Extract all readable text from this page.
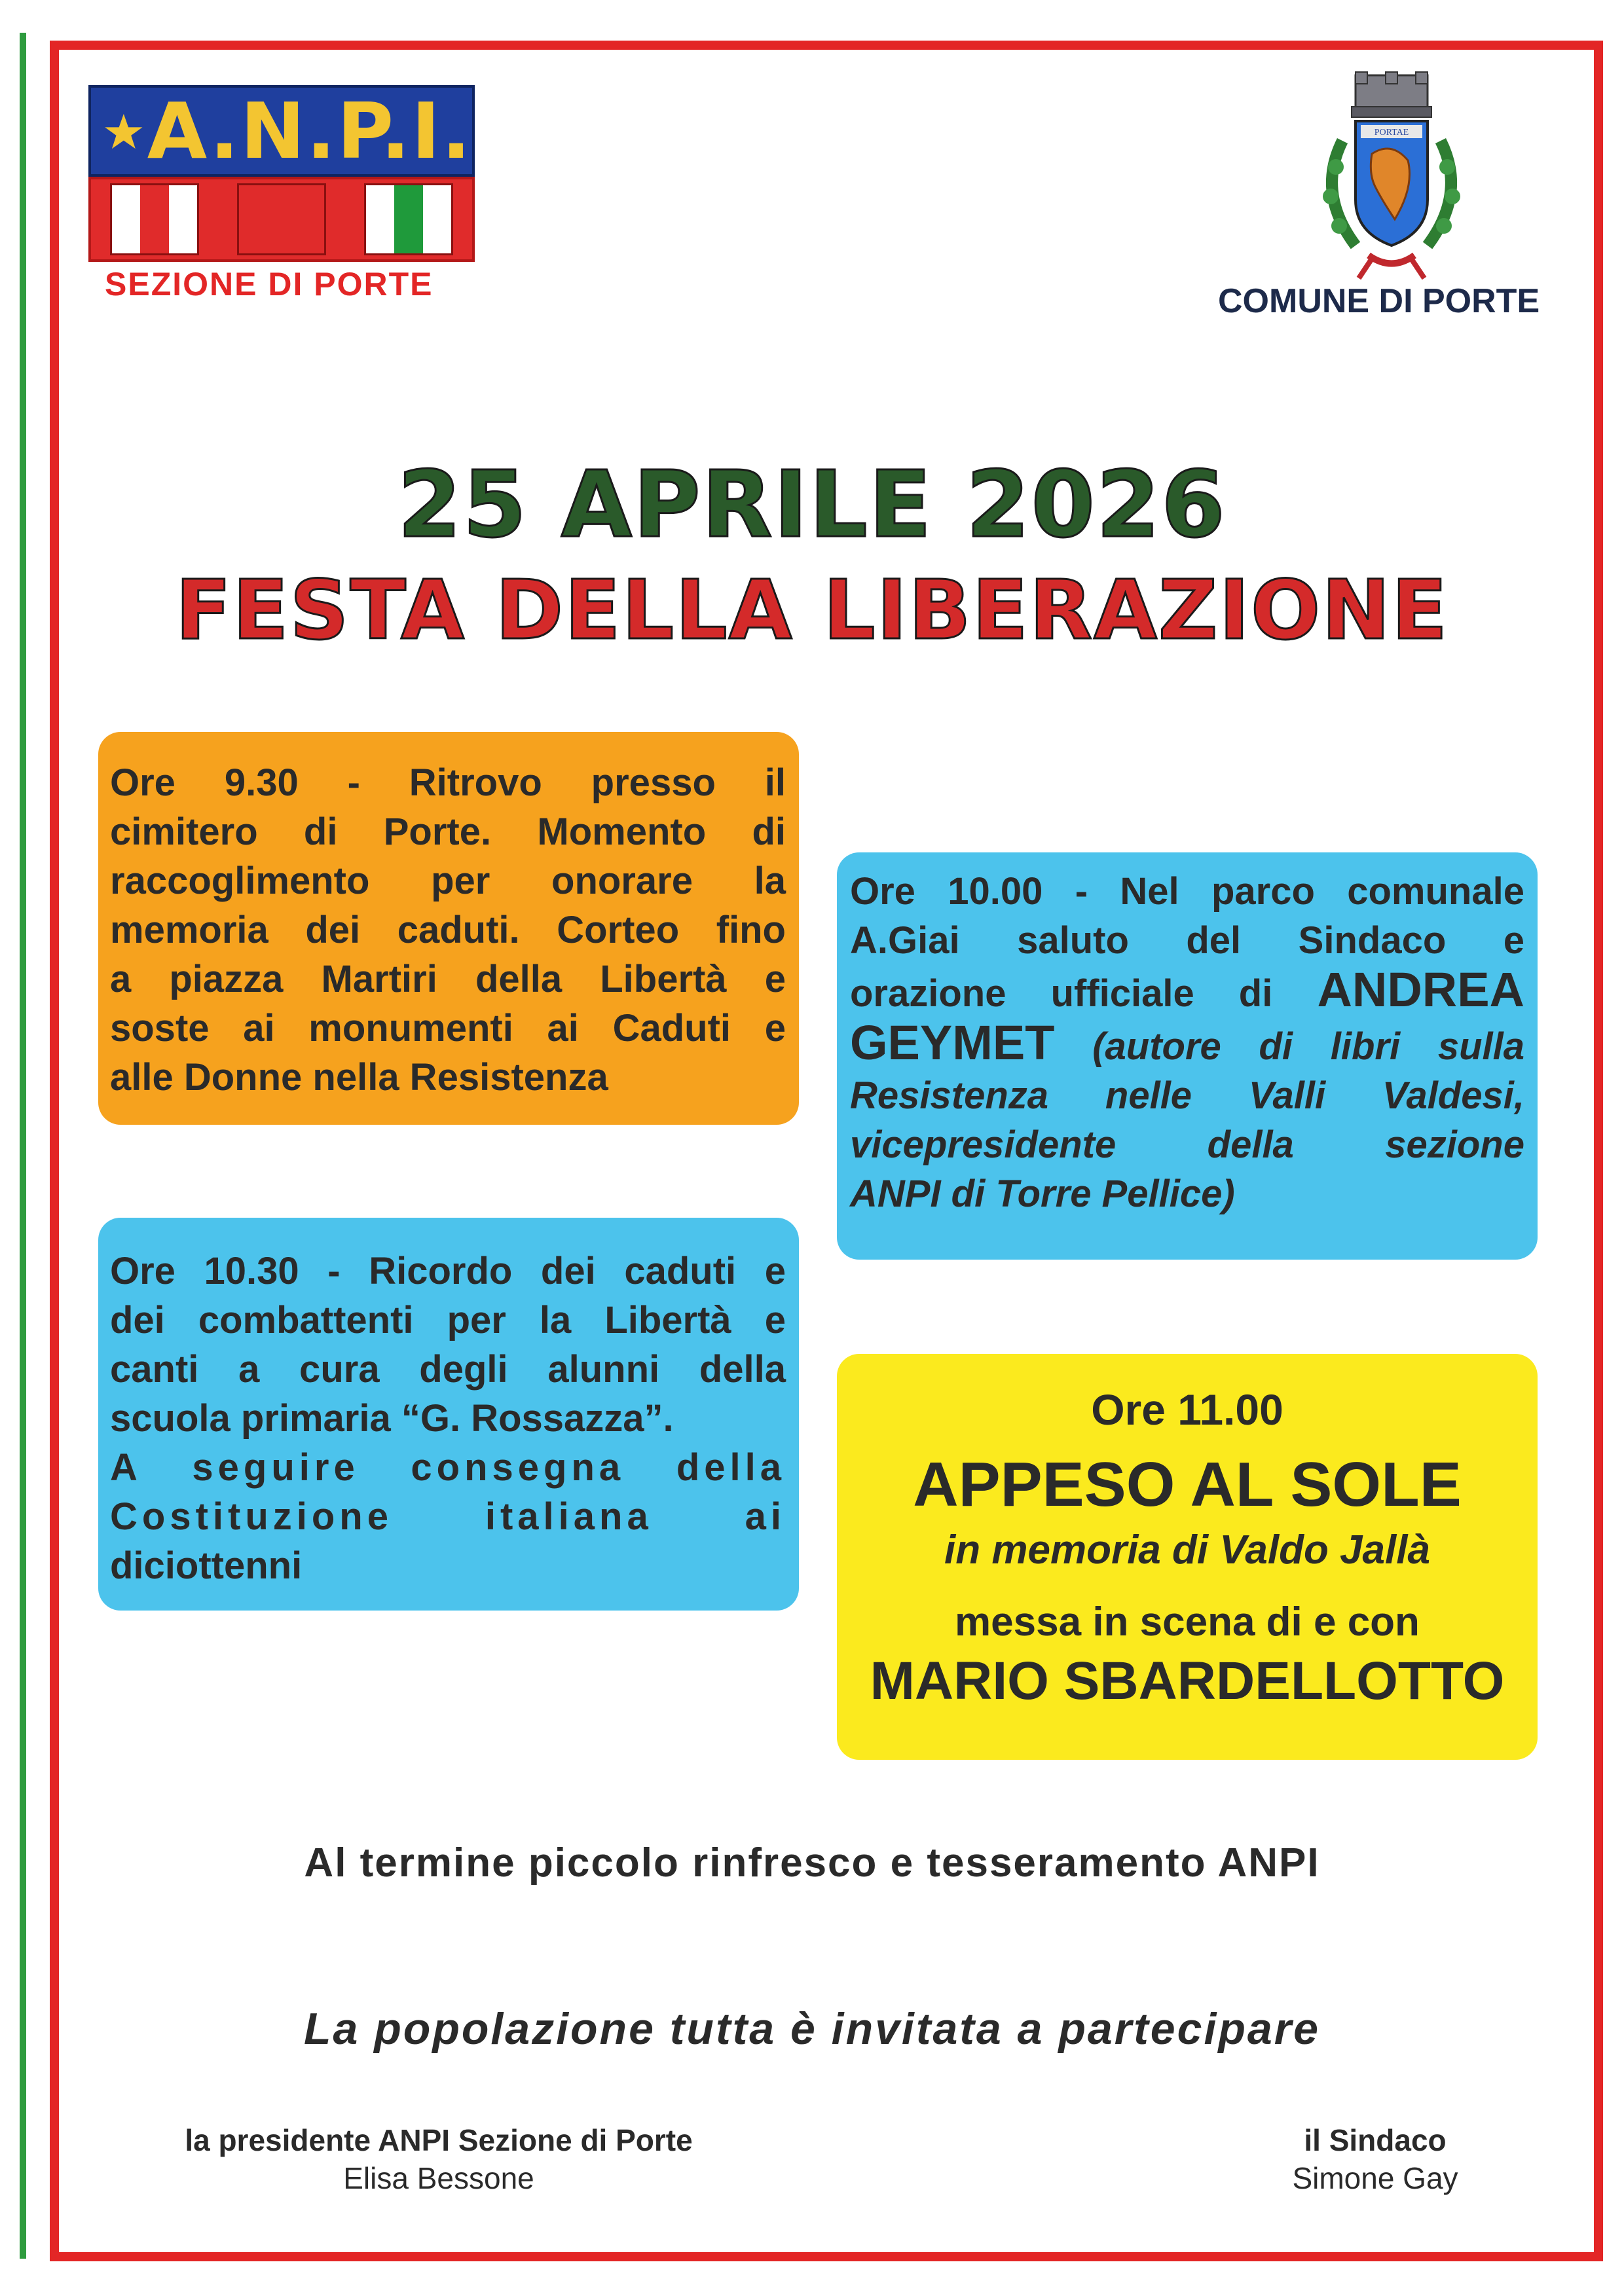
A.N.P.I.
SEZIONE DI PORTE
PORTAE
COMUNE DI PORTE
25 APRILE 2026
FESTA DELLA LIBERAZIONE
Ore 9.30 - Ritrovo presso il
cimitero di Porte. Momento di
raccoglimento per onorare la
memoria dei caduti. Corteo fino
a piazza Martiri della Libertà e
soste ai monumenti ai Caduti e
alle Donne nella Resistenza
Ore 10.00 - Nel parco comunale
A.Giai saluto del Sindaco e
orazione ufficiale di ANDREA
GEYMET (autore di libri sulla
Resistenza nelle Valli Valdesi,
vicepresidente della sezione
ANPI di Torre Pellice)
Ore 10.30 - Ricordo dei caduti e
dei combattenti per la Libertà e
canti a cura degli alunni della
scuola primaria “G. Rossazza”.
A seguire consegna della
Costituzione italiana ai
diciottenni
Ore 11.00
APPESO AL SOLE
in memoria di Valdo Jallà
messa in scena di e con
MARIO SBARDELLOTTO
Al termine piccolo rinfresco e tesseramento ANPI
La popolazione tutta è invitata a partecipare
la presidente ANPI Sezione di Porte
Elisa Bessone
il Sindaco
Simone Gay
